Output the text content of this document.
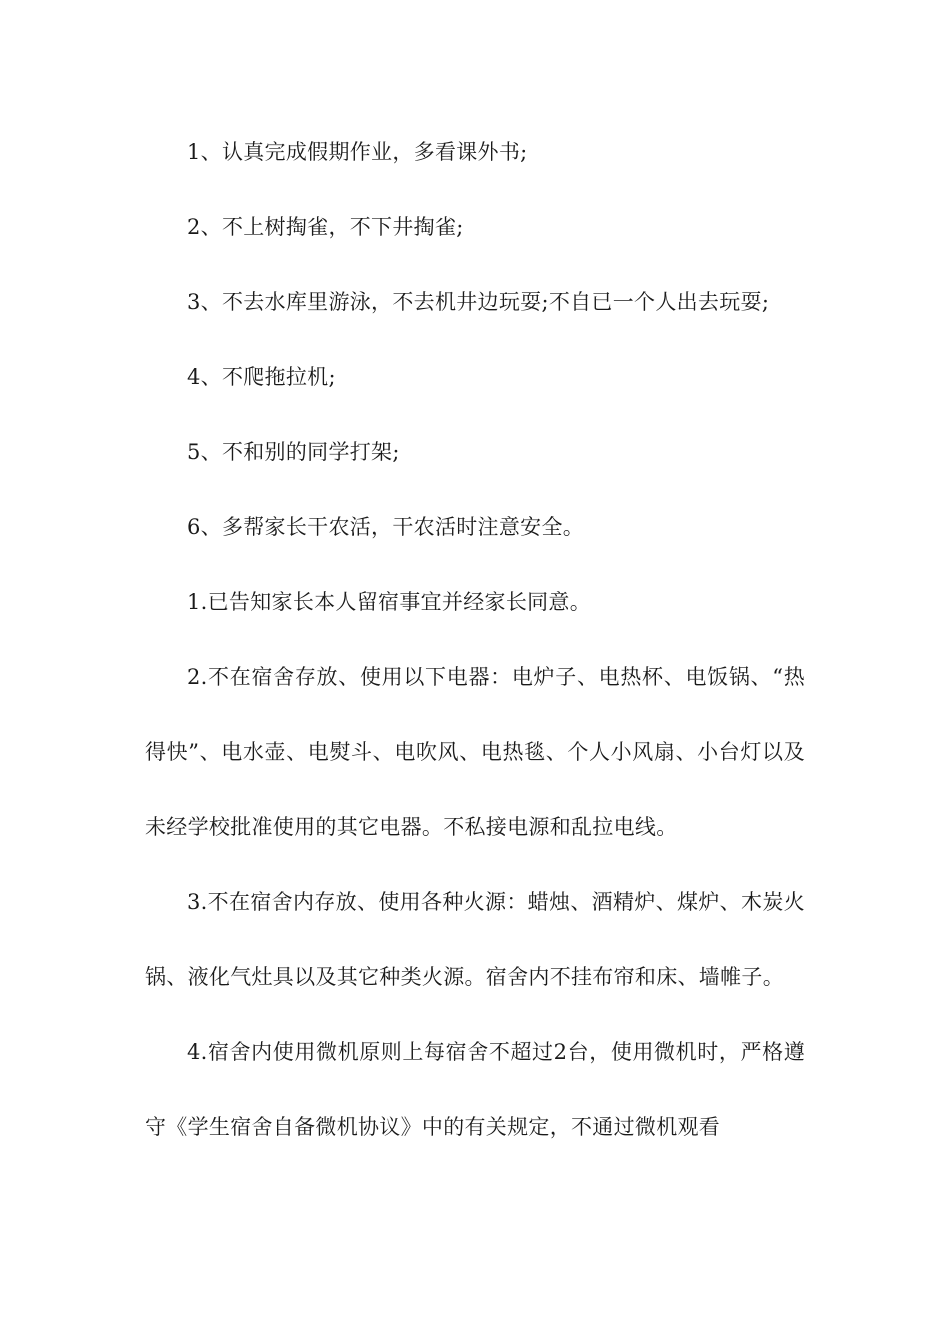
1、认真完成假期作业，多看课外书;

2、不上树掏雀，不下井掏雀;

3、不去水库里游泳，不去机井边玩耍;不自已一个人出去玩耍;

4、不爬拖拉机;

5、不和别的同学打架;

6、多帮家长干农活，干农活时注意安全。

1.已告知家长本人留宿事宜并经家长同意。

2.不在宿舍存放、使用以下电器：电炉子、电热杯、电饭锅、“热得快”、电水壶、电熨斗、电吹风、电热毯、个人小风扇、小台灯以及未经学校批准使用的其它电器。不私接电源和乱拉电线。

3.不在宿舍内存放、使用各种火源：蜡烛、酒精炉、煤炉、木炭火锅、液化气灶具以及其它种类火源。宿舍内不挂布帘和床、墙帷子。

4.宿舍内使用微机原则上每宿舍不超过2台，使用微机时，严格遵守《学生宿舍自备微机协议》中的有关规定，不通过微机观看
